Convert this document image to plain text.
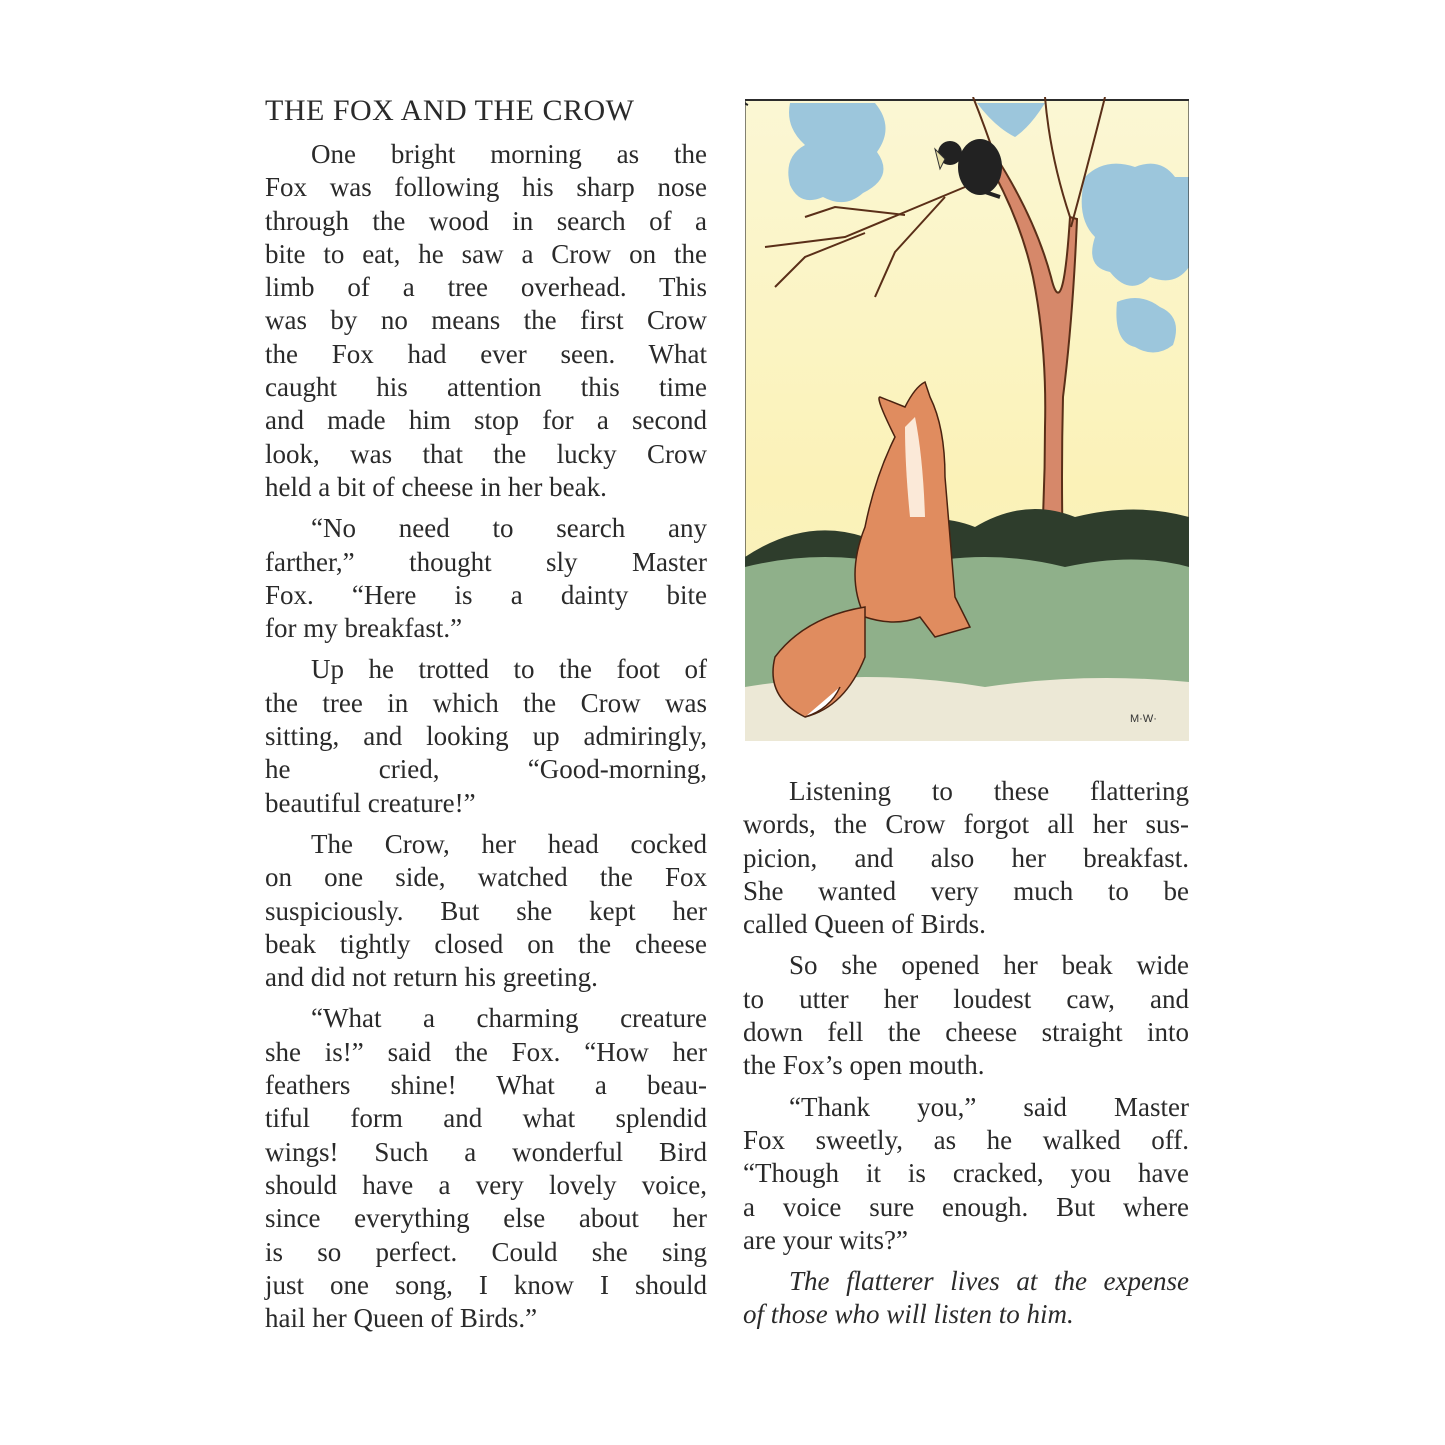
THE FOX AND THE CROW
One bright morning as the
Fox was following his sharp nose
through the wood in search of a
bite to eat, he saw a Crow on the
limb of a tree overhead. This
was by no means the first Crow
the Fox had ever seen. What
caught his attention this time
and made him stop for a second
look, was that the lucky Crow
held a bit of cheese in her beak.
“No need to search any
farther,” thought sly Master
Fox. “Here is a dainty bite
for my breakfast.”
Up he trotted to the foot of
the tree in which the Crow was
sitting, and looking up admiringly,
he cried, “Good-morning,
beautiful creature!”
The Crow, her head cocked
on one side, watched the Fox
suspiciously. But she kept her
beak tightly closed on the cheese
and did not return his greeting.
“What a charming creature
she is!” said the Fox. “How her
feathers shine! What a beau-
tiful form and what splendid
wings! Such a wonderful Bird
should have a very lovely voice,
since everything else about her
is so perfect. Could she sing
just one song, I know I should
hail her Queen of Birds.”
M·W·
Listening to these flattering
words, the Crow forgot all her sus-
picion, and also her breakfast.
She wanted very much to be
called Queen of Birds.
So she opened her beak wide
to utter her loudest caw, and
down fell the cheese straight into
the Fox’s open mouth.
“Thank you,” said Master
Fox sweetly, as he walked off.
“Though it is cracked, you have
a voice sure enough. But where
are your wits?”
The flatterer lives at the expense
of those who will listen to him.
